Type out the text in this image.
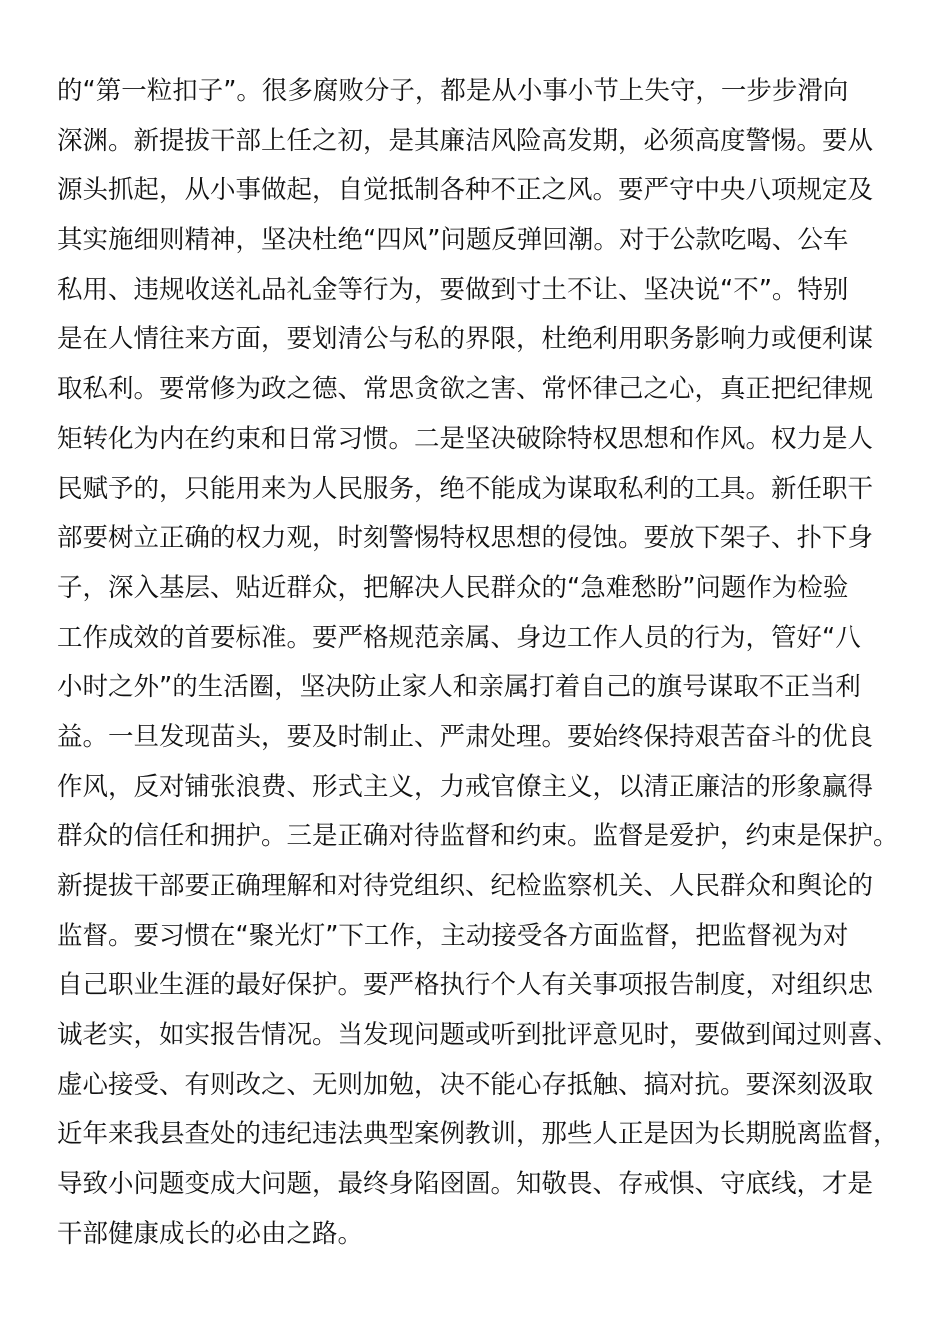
的“第一粒扣子”。很多腐败分子，都是从小事小节上失守，一步步滑向
深渊。新提拔干部上任之初，是其廉洁风险高发期，必须高度警惕。要从
源头抓起，从小事做起，自觉抵制各种不正之风。要严守中央八项规定及
其实施细则精神，坚决杜绝“四风”问题反弹回潮。对于公款吃喝、公车
私用、违规收送礼品礼金等行为，要做到寸土不让、坚决说“不”。特别
是在人情往来方面，要划清公与私的界限，杜绝利用职务影响力或便利谋
取私利。要常修为政之德、常思贪欲之害、常怀律己之心，真正把纪律规
矩转化为内在约束和日常习惯。二是坚决破除特权思想和作风。权力是人
民赋予的，只能用来为人民服务，绝不能成为谋取私利的工具。新任职干
部要树立正确的权力观，时刻警惕特权思想的侵蚀。要放下架子、扑下身
子，深入基层、贴近群众，把解决人民群众的“急难愁盼”问题作为检验
工作成效的首要标准。要严格规范亲属、身边工作人员的行为，管好“八
小时之外”的生活圈，坚决防止家人和亲属打着自己的旗号谋取不正当利
益。一旦发现苗头，要及时制止、严肃处理。要始终保持艰苦奋斗的优良
作风，反对铺张浪费、形式主义，力戒官僚主义，以清正廉洁的形象赢得
群众的信任和拥护。三是正确对待监督和约束。监督是爱护，约束是保护。
新提拔干部要正确理解和对待党组织、纪检监察机关、人民群众和舆论的
监督。要习惯在“聚光灯”下工作，主动接受各方面监督，把监督视为对
自己职业生涯的最好保护。要严格执行个人有关事项报告制度，对组织忠
诚老实，如实报告情况。当发现问题或听到批评意见时，要做到闻过则喜、
虚心接受、有则改之、无则加勉，决不能心存抵触、搞对抗。要深刻汲取
近年来我县查处的违纪违法典型案例教训，那些人正是因为长期脱离监督，
导致小问题变成大问题，最终身陷囹圄。知敬畏、存戒惧、守底线，才是
干部健康成长的必由之路。
